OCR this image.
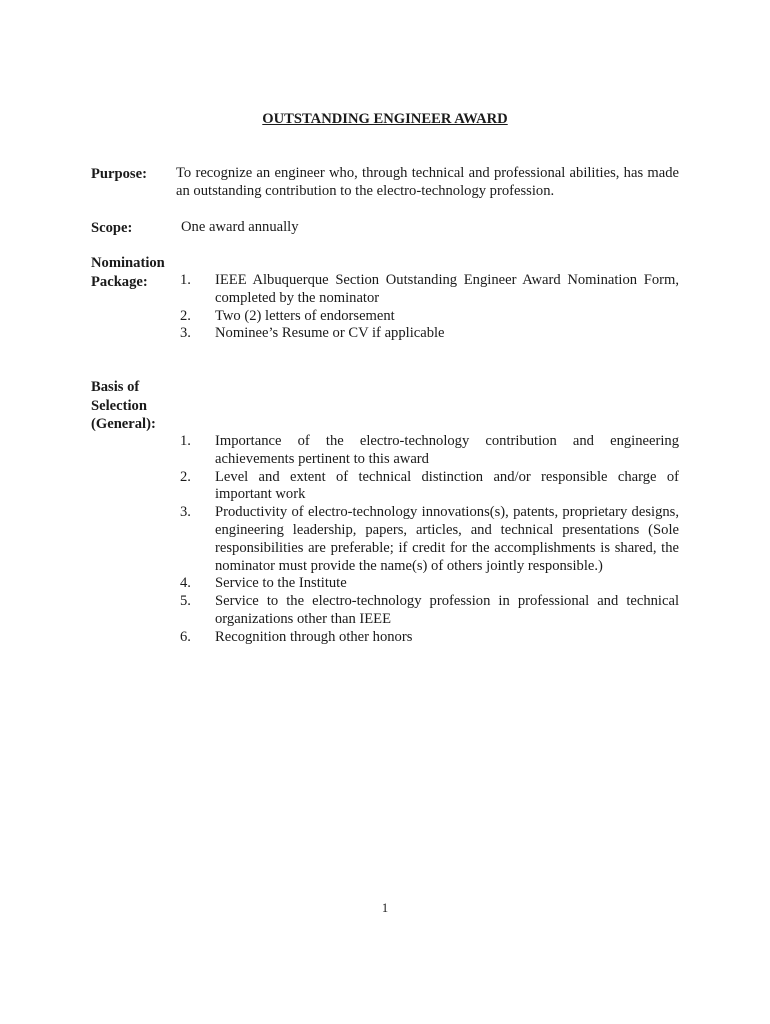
OUTSTANDING ENGINEER AWARD
Purpose: To recognize an engineer who, through technical and professional abilities, has made an outstanding contribution to the electro-technology profession.
Scope:	One award annually
Nomination
Package:	1. IEEE Albuquerque Section Outstanding Engineer Award Nomination Form, completed by the nominator
2. Two (2) letters of endorsement
3. Nominee’s Resume or CV if applicable
Basis of
Selection
(General):
1. Importance of the electro-technology contribution and engineering achievements pertinent to this award
2. Level and extent of technical distinction and/or responsible charge of important work
3. Productivity of electro-technology innovations(s), patents, proprietary designs, engineering leadership, papers, articles, and technical presentations (Sole responsibilities are preferable; if credit for the accomplishments is shared, the nominator must provide the name(s) of others jointly responsible.)
4. Service to the Institute
5. Service to the electro-technology profession in professional and technical organizations other than IEEE
6. Recognition through other honors
1
